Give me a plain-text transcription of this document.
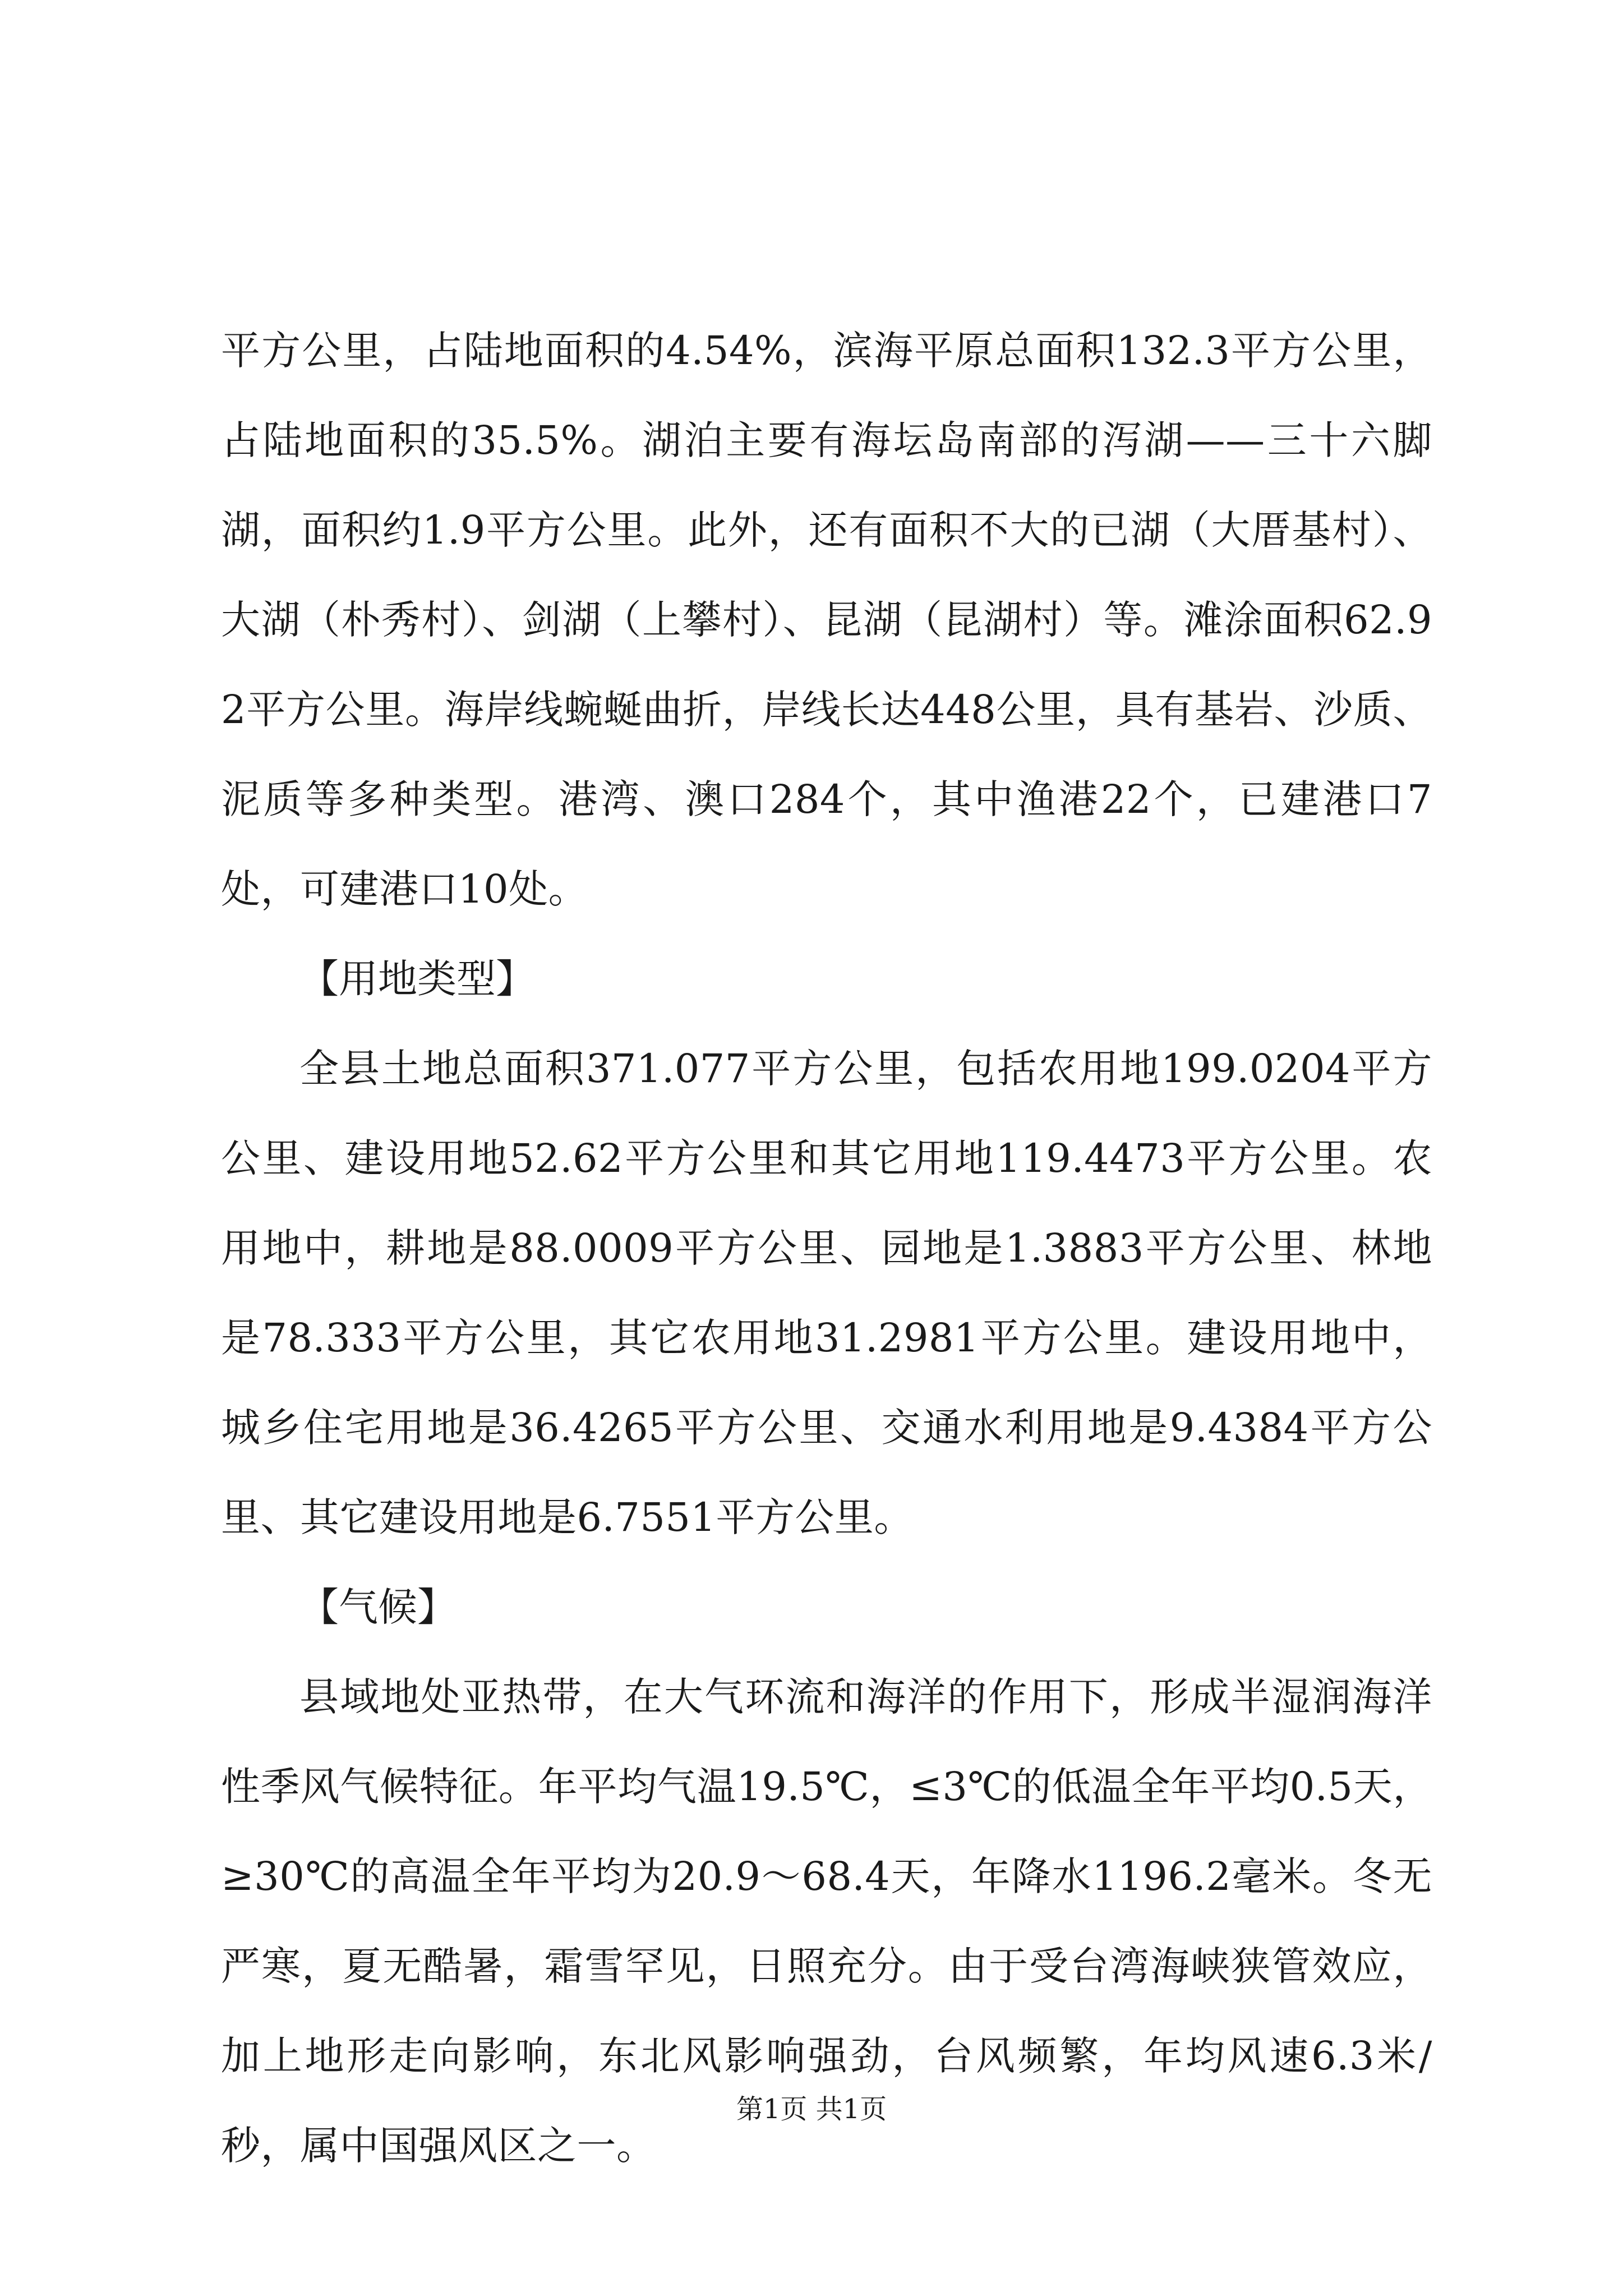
平方公里，占陆地面积的4.54%，滨海平原总面积132.3平方公里，占陆地面积的35.5%。湖泊主要有海坛岛南部的泻湖——三十六脚湖，面积约1.9平方公里。此外，还有面积不大的已湖（大厝基村）、大湖（朴秀村）、剑湖（上攀村）、昆湖（昆湖村）等。滩涂面积62.92平方公里。海岸线蜿蜒曲折，岸线长达448公里，具有基岩、沙质、泥质等多种类型。港湾、澳口284个，其中渔港22个，已建港口7处，可建港口10处。

【用地类型】

全县土地总面积371.077平方公里，包括农用地199.0204平方公里、建设用地52.62平方公里和其它用地119.4473平方公里。农用地中，耕地是88.0009平方公里、园地是1.3883平方公里、林地是78.333平方公里，其它农用地31.2981平方公里。建设用地中，城乡住宅用地是36.4265平方公里、交通水利用地是9.4384平方公里、其它建设用地是6.7551平方公里。

【气候】

县域地处亚热带，在大气环流和海洋的作用下，形成半湿润海洋性季风气候特征。年平均气温19.5℃，≤3℃的低温全年平均0.5天，≥30℃的高温全年平均为20.9～68.4天，年降水1196.2毫米。冬无严寒，夏无酷暑，霜雪罕见，日照充分。由于受台湾海峡狭管效应，加上地形走向影响，东北风影响强劲，台风频繁，年均风速6.3米/秒，属中国强风区之一。

第1页 共1页
